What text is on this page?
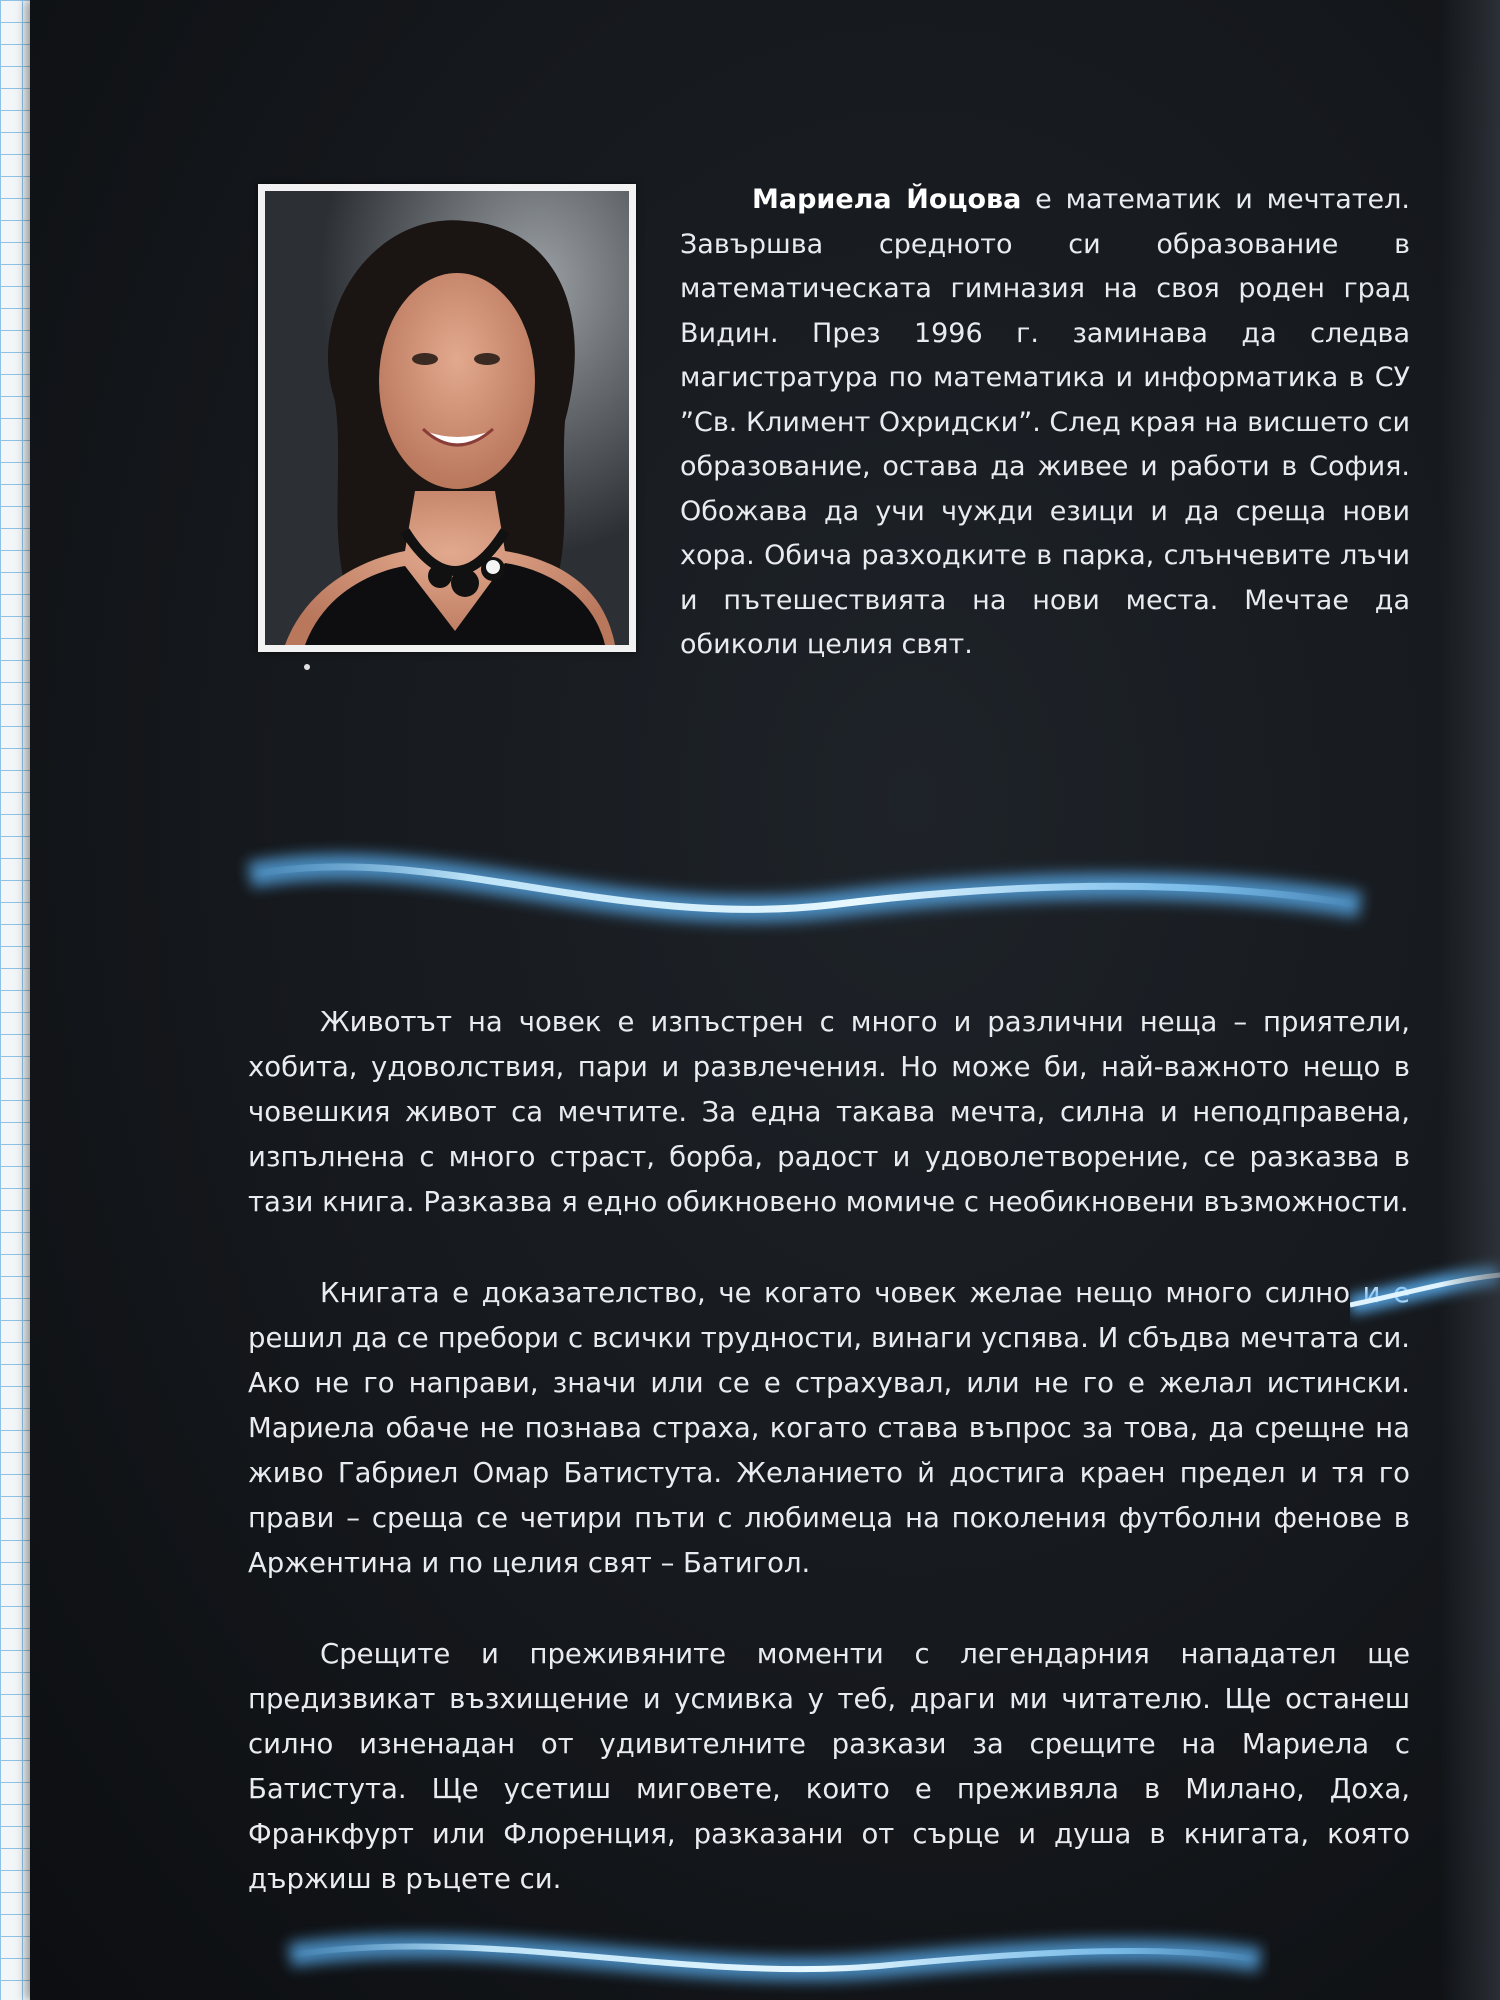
Мариела Йоцова е математик и мечтател. Завършва средното си образование в математическата гимназия на своя роден град Видин. През 1996 г. заминава да следва магистратура по математика и информатика в СУ ”Св. Климент Охридски”. След края на висшето си образование, остава да живее и работи в София. Обожава да учи чужди езици и да среща нови хора. Обича разходките в парка, слънчевите лъчи и пътешествията на нови места. Мечтае да обиколи целия свят.

Животът на човек е изпъстрен с много и различни неща – приятели, хобита, удоволствия, пари и развлечения. Но може би, най-важното нещо в човешкия живот са мечтите. За една такава мечта, силна и неподправена, изпълнена с много страст, борба, радост и удоволетворение, се разказва в тази книга. Разказва я едно обикновено момиче с необикновени възможности.

Книгата е доказателство, че когато човек желае нещо много силно и е решил да се пребори с всички трудности, винаги успява. И сбъдва мечтата си. Ако не го направи, значи или се е страхувал, или не го е желал истински. Мариела обаче не познава страха, когато става въпрос за това, да срещне на живо Габриел Омар Батистута. Желанието й достига краен предел и тя го прави – среща се четири пъти с любимеца на поколения футболни фенове в Аржентина и по целия свят – Батигол.

Срещите и преживяните моменти с легендарния нападател ще предизвикат възхищение и усмивка у теб, драги ми читателю. Ще останеш силно изненадан от удивителните разкази за срещите на Мариела с Батистута. Ще усетиш миговете, които е преживяла в Милано, Доха, Франкфурт или Флоренция, разказани от сърце и душа в книгата, която държиш в ръцете си.
